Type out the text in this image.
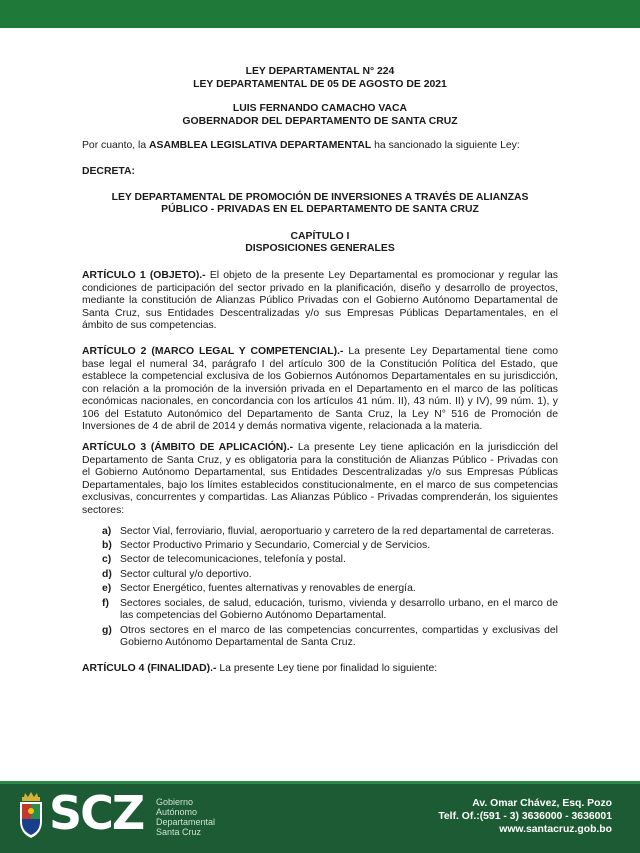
LEY DEPARTAMENTAL N° 224
LEY DEPARTAMENTAL DE 05 DE AGOSTO DE 2021
LUIS FERNANDO CAMACHO VACA
GOBERNADOR DEL DEPARTAMENTO DE SANTA CRUZ
Por cuanto, la ASAMBLEA LEGISLATIVA DEPARTAMENTAL ha sancionado la siguiente Ley:
DECRETA:
LEY DEPARTAMENTAL DE PROMOCIÓN DE INVERSIONES A TRAVÉS DE ALIANZAS
PÚBLICO - PRIVADAS EN EL DEPARTAMENTO DE SANTA CRUZ
CAPÍTULO I
DISPOSICIONES GENERALES

ARTÍCULO 1 (OBJETO).- El objeto de la presente Ley Departamental es promocionar y regular las condiciones de participación del sector privado en la planificación, diseño y desarrollo de proyectos, mediante la constitución de Alianzas Público Privadas con el Gobierno Autónomo Departamental de Santa Cruz, sus Entidades Descentralizadas y/o sus Empresas Públicas Departamentales, en el ámbito de sus competencias.

ARTÍCULO 2 (MARCO LEGAL Y COMPETENCIAL).- La presente Ley Departamental tiene como base legal el numeral 34, parágrafo I del artículo 300 de la Constitución Política del Estado, que establece la competencial exclusiva de los Gobiernos Autónomos Departamentales en su jurisdicción, con relación a la promoción de la inversión privada en el Departamento en el marco de las políticas económicas nacionales, en concordancia con los artículos 41 núm. II), 43 núm. II) y IV), 99 núm. 1), y 106 del Estatuto Autonómico del Departamento de Santa Cruz, la Ley N° 516 de Promoción de Inversiones de 4 de abril de 2014 y demás normativa vigente, relacionada a la materia.

ARTÍCULO 3 (ÁMBITO DE APLICACIÓN).- La presente Ley tiene aplicación en la jurisdicción del Departamento de Santa Cruz, y es obligatoria para la constitución de Alianzas Público - Privadas con el Gobierno Autónomo Departamental, sus Entidades Descentralizadas y/o sus Empresas Públicas Departamentales, bajo los límites establecidos constitucionalmente, en el marco de sus competencias exclusivas, concurrentes y compartidas. Las Alianzas Público - Privadas comprenderán, los siguientes sectores:

a) Sector Vial, ferroviario, fluvial, aeroportuario y carretero de la red departamental de carreteras.
b) Sector Productivo Primario y Secundario, Comercial y de Servicios.
c) Sector de telecomunicaciones, telefonía y postal.
d) Sector cultural y/o deportivo.
e) Sector Energético, fuentes alternativas y renovables de energía.
f)	Sectores sociales, de salud, educación, turismo, vivienda y desarrollo urbano, en el marco de las competencias del Gobierno Autónomo Departamental.
g) Otros sectores en el marco de las competencias concurrentes, compartidas y exclusivas del Gobierno Autónomo Departamental de Santa Cruz.

ARTÍCULO 4 (FINALIDAD).- La presente Ley tiene por finalidad lo siguiente:

SCZ Gobierno
Autónomo
Departamental
Santa Cruz
Av. Omar Chávez, Esq. Pozo
Telf. Of.:(591 - 3) 3636000 - 3636001
www.santacruz.gob.bo
